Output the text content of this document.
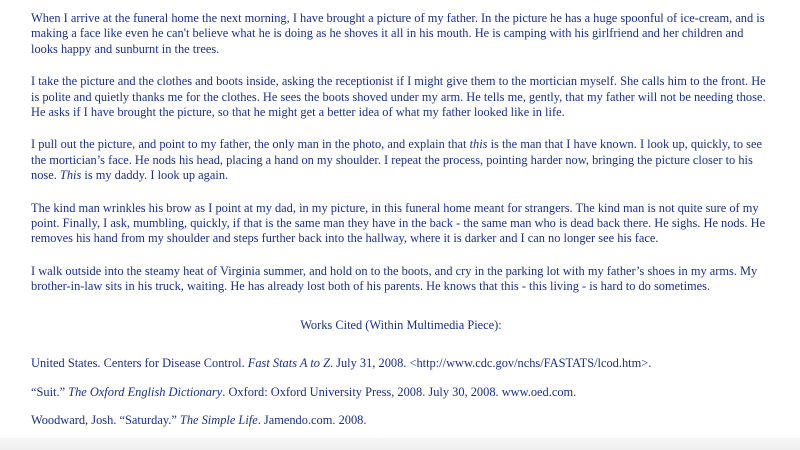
When I arrive at the funeral home the next morning, I have brought a picture of my father. In the picture he has a huge spoonful of ice-cream, and is making a face like even he can't believe what he is doing as he shoves it all in his mouth. He is camping with his girlfriend and her children and looks happy and sunburnt in the trees.

I take the picture and the clothes and boots inside, asking the receptionist if I might give them to the mortician myself. She calls him to the front. He is polite and quietly thanks me for the clothes. He sees the boots shoved under my arm. He tells me, gently, that my father will not be needing those. He asks if I have brought the picture, so that he might get a better idea of what my father looked like in life.

I pull out the picture, and point to my father, the only man in the photo, and explain that this is the man that I have known. I look up, quickly, to see the mortician’s face. He nods his head, placing a hand on my shoulder. I repeat the process, pointing harder now, bringing the picture closer to his nose. This is my daddy. I look up again.

The kind man wrinkles his brow as I point at my dad, in my picture, in this funeral home meant for strangers. The kind man is not quite sure of my point. Finally, I ask, mumbling, quickly, if that is the same man they have in the back - the same man who is dead back there. He sighs. He nods. He removes his hand from my shoulder and steps further back into the hallway, where it is darker and I can no longer see his face.

I walk outside into the steamy heat of Virginia summer, and hold on to the boots, and cry in the parking lot with my father’s shoes in my arms. My brother-in-law sits in his truck, waiting. He has already lost both of his parents. He knows that this - this living - is hard to do sometimes.

Works Cited (Within Multimedia Piece):

United States. Centers for Disease Control. Fast Stats A to Z. July 31, 2008. <http://www.cdc.gov/nchs/FASTATS/lcod.htm>.

“Suit.” The Oxford English Dictionary. Oxford: Oxford University Press, 2008. July 30, 2008. www.oed.com.

Woodward, Josh. “Saturday.” The Simple Life. Jamendo.com. 2008.
